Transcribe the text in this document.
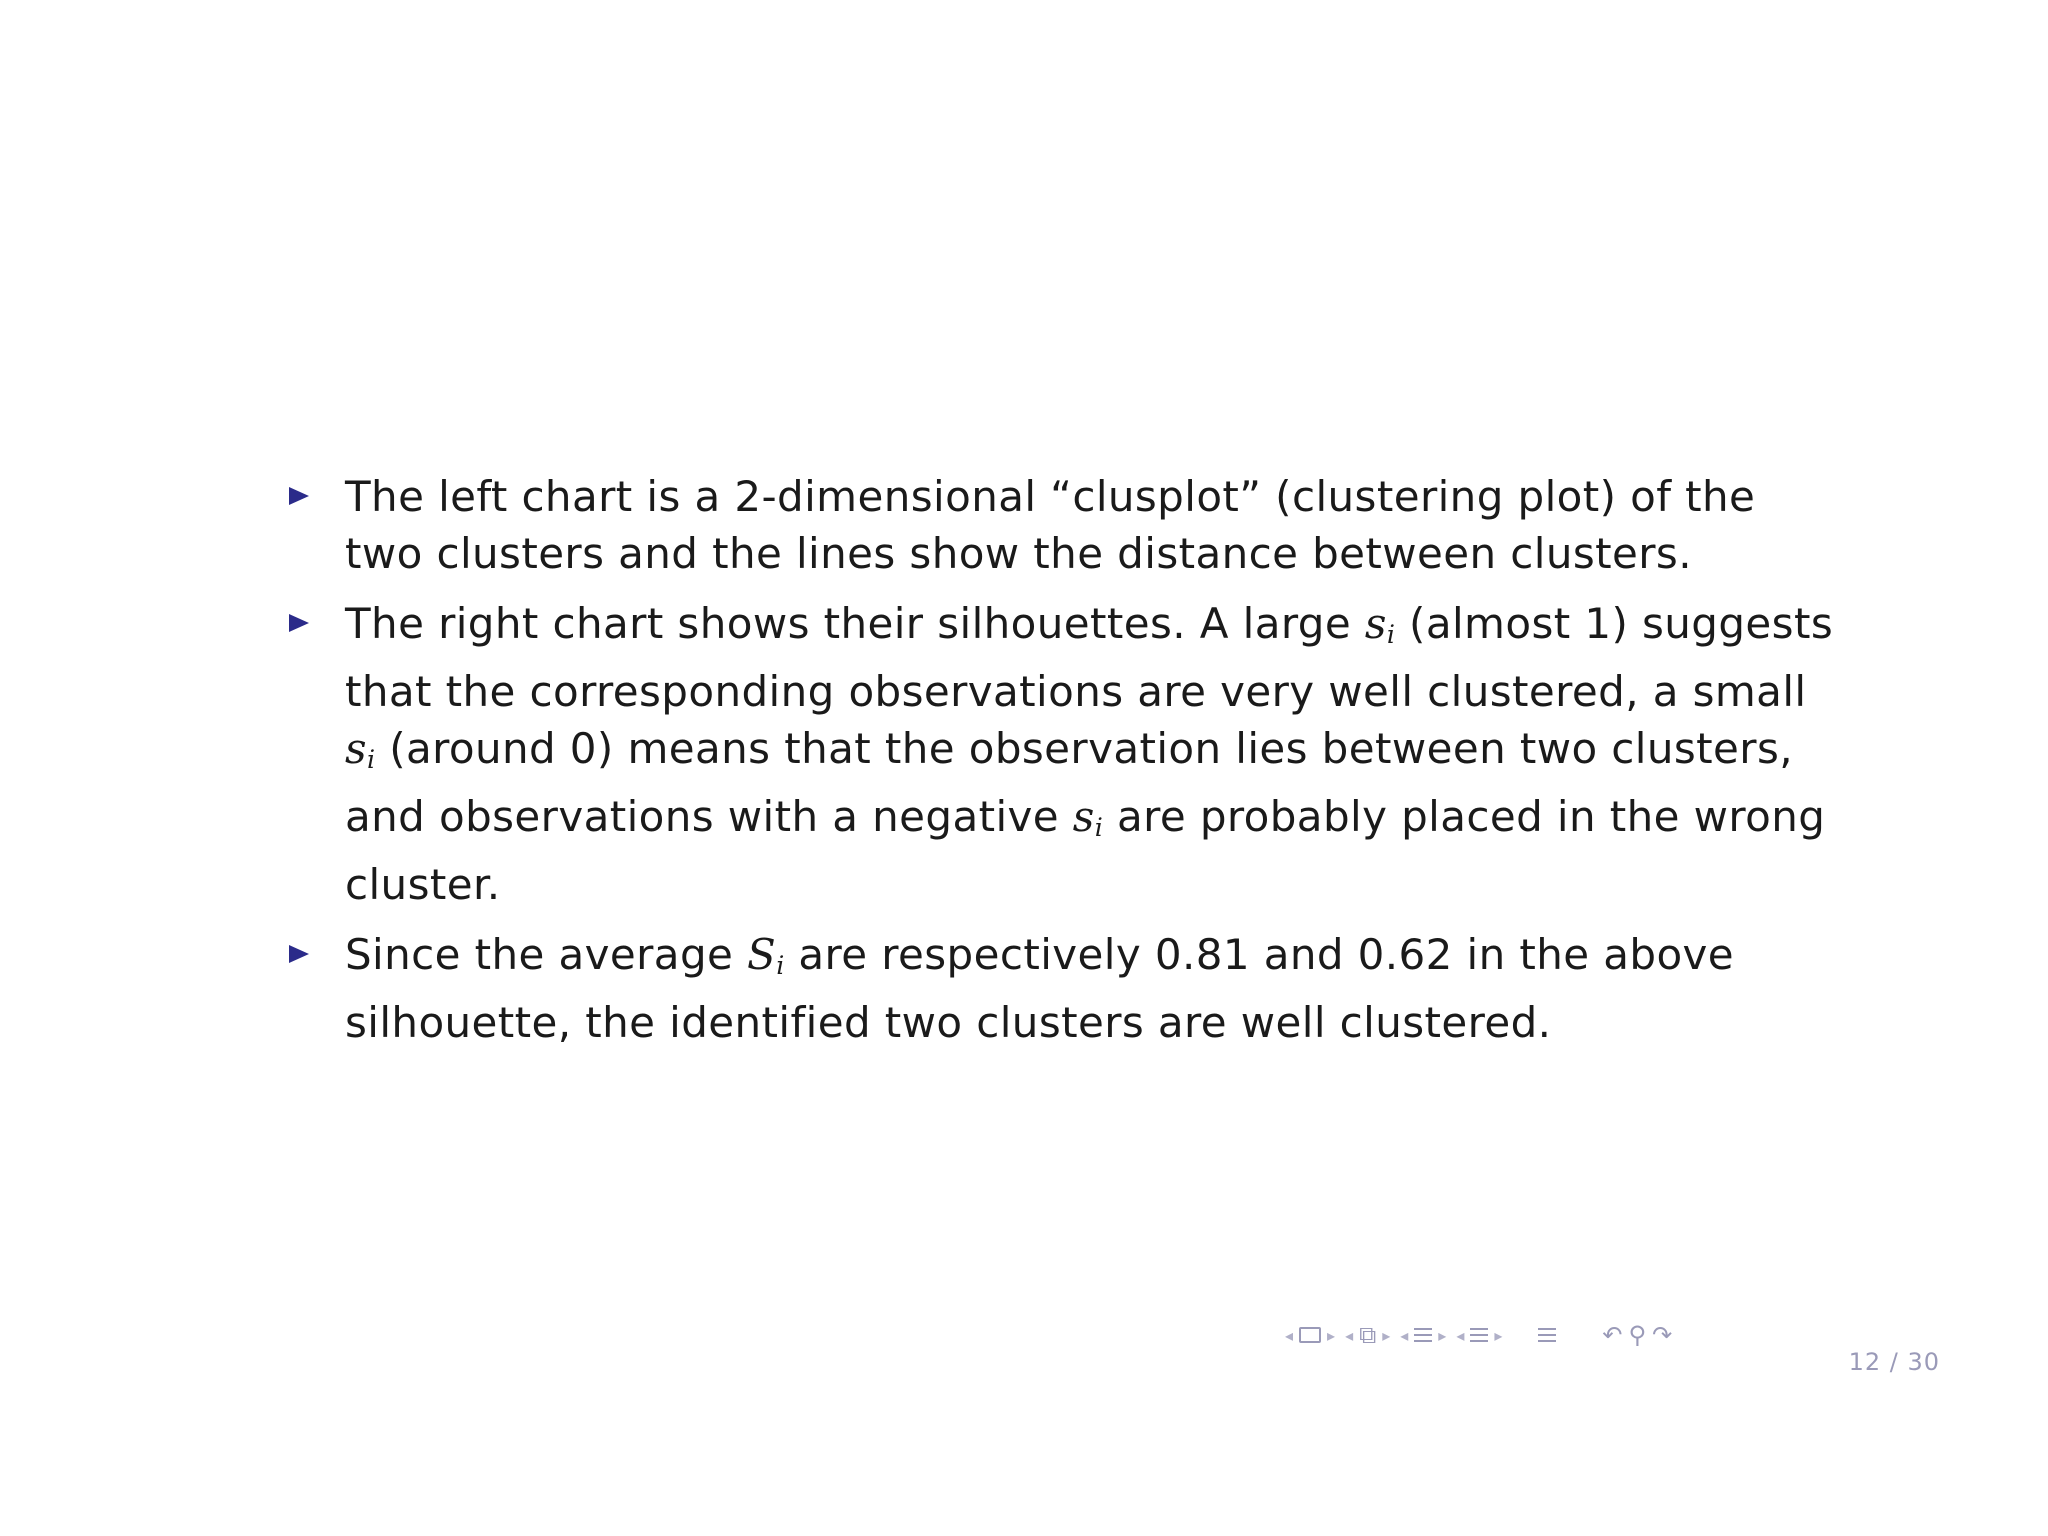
The left chart is a 2-dimensional “clusplot” (clustering plot) of the two clusters and the lines show the distance between clusters.
The right chart shows their silhouettes. A large $s_i$ (almost 1) suggests that the corresponding observations are very well clustered, a small $s_i$ (around 0) means that the observation lies between two clusters, and observations with a negative $s_i$ are probably placed in the wrong cluster.
Since the average $S_i$ are respectively 0.81 and 0.62 in the above silhouette, the identified two clusters are well clustered.
◂ ▸ ◂ ⧉ ▸ ◂ ▸ ◂ ▸	↶ ⚲ ↷
12 / 30
